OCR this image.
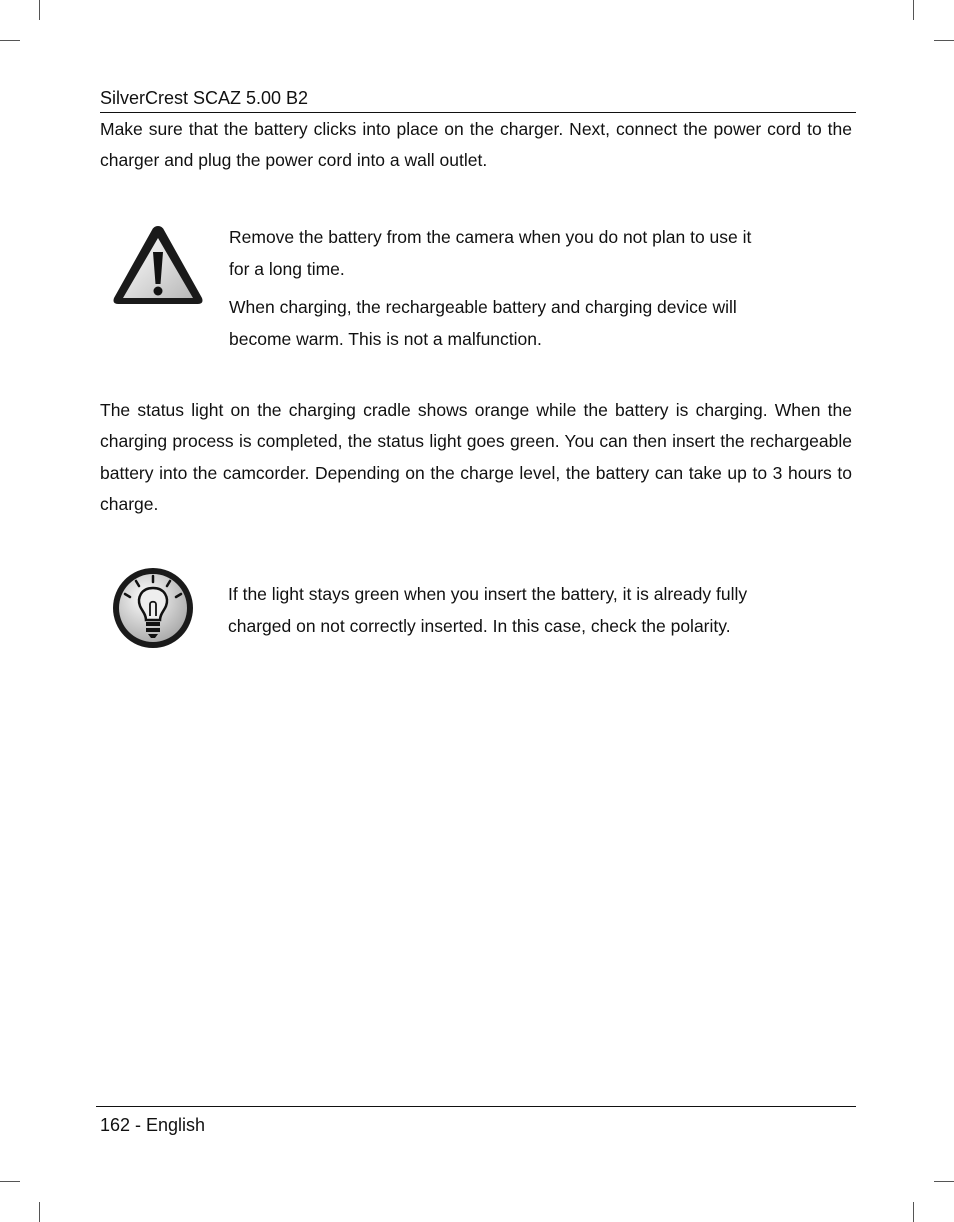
SilverCrest SCAZ 5.00 B2

Make sure that the battery clicks into place on the charger. Next, connect the power cord to the charger and plug the power cord into a wall outlet.

Remove the battery from the camera when you do not plan to use it
for a long time.
When charging, the rechargeable battery and charging device will
become warm. This is not a malfunction.

The status light on the charging cradle shows orange while the battery is charging. When the charging process is completed, the status light goes green. You can then insert the rechargeable battery into the camcorder. Depending on the charge level, the battery can take up to 3 hours to charge.

If the light stays green when you insert the battery, it is already fully
charged on not correctly inserted. In this case, check the polarity.
162 - English
